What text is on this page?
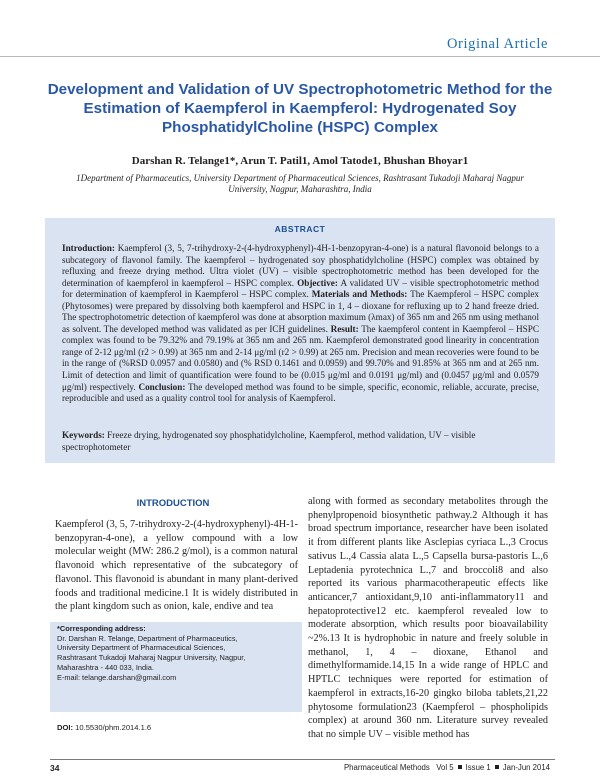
Original Article
Development and Validation of UV Spectrophotometric Method for the Estimation of Kaempferol in Kaempferol: Hydrogenated Soy PhosphatidylCholine (HSPC) Complex
Darshan R. Telange1*, Arun T. Patil1, Amol Tatode1, Bhushan Bhoyar1
1Department of Pharmaceutics, University Department of Pharmaceutical Sciences, Rashtrasant Tukadoji Maharaj Nagpur University, Nagpur, Maharashtra, India
ABSTRACT

Introduction: Kaempferol (3, 5, 7-trihydroxy-2-(4-hydroxyphenyl)-4H-1-benzopyran-4-one) is a natural flavonoid belongs to a subcategory of flavonol family. The kaempferol – hydrogenated soy phosphatidylcholine (HSPC) complex was obtained by refluxing and freeze drying method. Ultra violet (UV) – visible spectrophotometric method has been developed for the determination of kaempferol in kaempferol – HSPC complex. Objective: A validated UV – visible spectrophotometric method for determination of kaempferol in Kaempferol – HSPC complex. Materials and Methods: The Kaempferol – HSPC complex (Phytosomes) were prepared by dissolving both kaempferol and HSPC in 1, 4 – dioxane for refluxing up to 2 hand freeze dried. The spectrophotometric detection of kaempferol was done at absorption maximum (λmax) of 365 nm and 265 nm using methanol as solvent. The developed method was validated as per ICH guidelines. Result: The kaempferol content in Kaempferol – HSPC complex was found to be 79.32% and 79.19% at 365 nm and 265 nm. Kaempferol demonstrated good linearity in concentration range of 2-12 μg/ml (r2 > 0.99) at 365 nm and 2-14 μg/ml (r2 > 0.99) at 265 nm. Precision and mean recoveries were found to be in the range of (%RSD 0.0957 and 0.0580) and (% RSD 0.1461 and 0.0959) and 99.70% and 91.85% at 365 nm and at 265 nm. Limit of detection and limit of quantification were found to be (0.015 μg/ml and 0.0191 μg/ml) and (0.0457 μg/ml and 0.0579 μg/ml) respectively. Conclusion: The developed method was found to be simple, specific, economic, reliable, accurate, precise, reproducible and used as a quality control tool for analysis of Kaempferol.

Keywords: Freeze drying, hydrogenated soy phosphatidylcholine, Kaempferol, method validation, UV – visible spectrophotometer

INTRODUCTION

Kaempferol (3, 5, 7-trihydroxy-2-(4-hydroxyphenyl)-4H-1-benzopyran-4-one), a yellow compound with a low molecular weight (MW: 286.2 g/mol), is a common natural flavonoid which representative of the subcategory of flavonol. This flavonoid is abundant in many plant-derived foods and traditional medicine.1 It is widely distributed in the plant kingdom such as onion, kale, endive and tea

along with formed as secondary metabolites through the phenylpropenoid biosynthetic pathway.2 Although it has broad spectrum importance, researcher have been isolated it from different plants like Asclepias cyriaca L.,3 Crocus sativus L.,4 Cassia alata L.,5 Capsella bursa-pastoris L.,6 Leptadenia pyrotechnica L.,7 and broccoli8 and also reported its various pharmacotherapeutic effects like anticancer,7 antioxidant,9,10 anti-inflammatory11 and hepatoprotective12 etc. kaempferol revealed low to moderate absorption, which results poor bioavailability ~2%.13 It is hydrophobic in nature and freely soluble in methanol, 1, 4 – dioxane, Ethanol and dimethylformamide.14,15 In a wide range of HPLC and HPTLC techniques were reported for estimation of kaempferol in extracts,16-20 gingko biloba tablets,21,22 phytosome formulation23 (Kaempferol – phospholipids complex) at around 360 nm. Literature survey revealed that no simple UV – visible method has

*Corresponding address:
Dr. Darshan R. Telange, Department of Pharmaceutics,
University Department of Pharmaceutical Sciences,
Rashtrasant Tukadoji Maharaj Nagpur University, Nagpur,
Maharashtra - 440 033, India.
E-mail: telange.darshan@gmail.com
DOI: 10.5530/phm.2014.1.6
34	Pharmaceutical Methods Vol 5 Issue 1 Jan-Jun 2014
